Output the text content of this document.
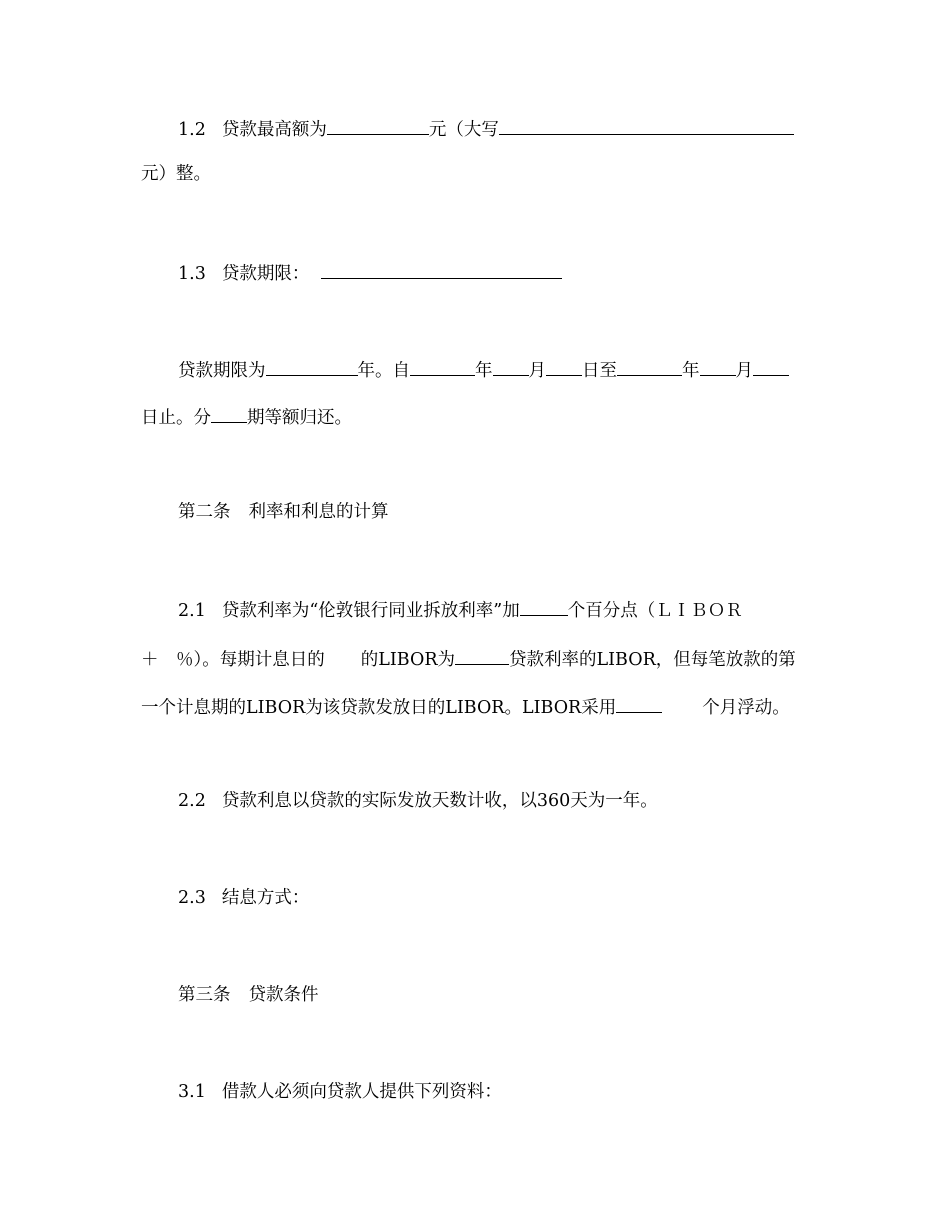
1.2 贷款最高额为	元（大写
元）整。
1.3 贷款期限：
贷款期限为	年。自	年 月 日至	年 月
日止。分 期等额归还。
第二条 利率和利息的计算
2.1 贷款利率为“伦敦银行同业拆放利率”加	个百分点（ＬＩＢＯＲ
＋　％）。每期计息日的 的LIBOR为	贷款利率的LIBOR，但每笔放款的第
一个计息期的LIBOR为该贷款发放日的LIBOR。LIBOR采用	个月浮动。
2.2 贷款利息以贷款的实际发放天数计收，以360天为一年。
2.3 结息方式：
第三条 贷款条件
3.1 借款人必须向贷款人提供下列资料：
